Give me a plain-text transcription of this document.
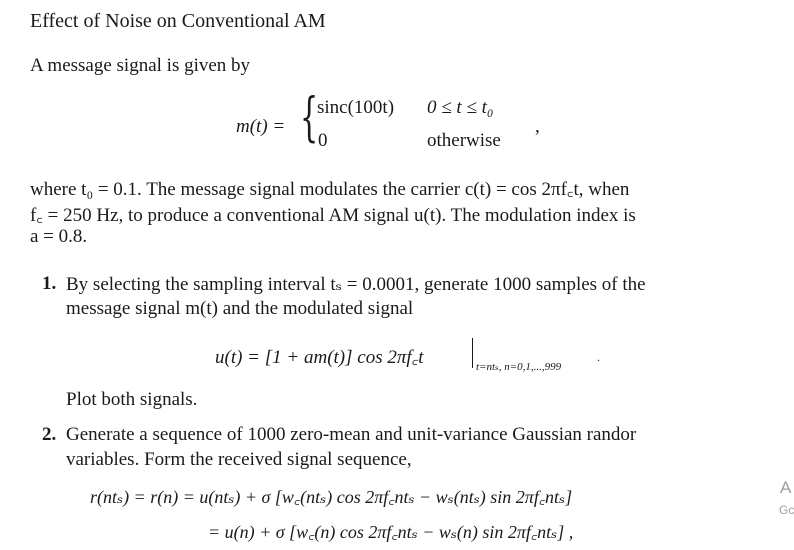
Effect of Noise on Conventional AM
A message signal is given by
m(t) = {
sinc(100t) 0 ≤ t ≤ t₀
0	otherwise
,
where t₀ = 0.1. The message signal modulates the carrier c(t) = cos 2πf꜀t, when
f꜀ = 250 Hz, to produce a conventional AM signal u(t). The modulation index is
a = 0.8.
1. By selecting the sampling interval tₛ = 0.0001, generate 1000 samples of the
message signal m(t) and the modulated signal
u(t) = [1 + am(t)] cos 2πf꜀t	t=ntₛ, n=0,1,...,999
.
Plot both signals.
2. Generate a sequence of 1000 zero-mean and unit-variance Gaussian randor
variables. Form the received signal sequence,
r(ntₛ) = r(n) = u(ntₛ) + σ [w꜀(ntₛ) cos 2πf꜀ntₛ − wₛ(ntₛ) sin 2πf꜀ntₛ]
= u(n) + σ [w꜀(n) cos 2πf꜀ntₛ − wₛ(n) sin 2πf꜀ntₛ] ,
A
Gc
